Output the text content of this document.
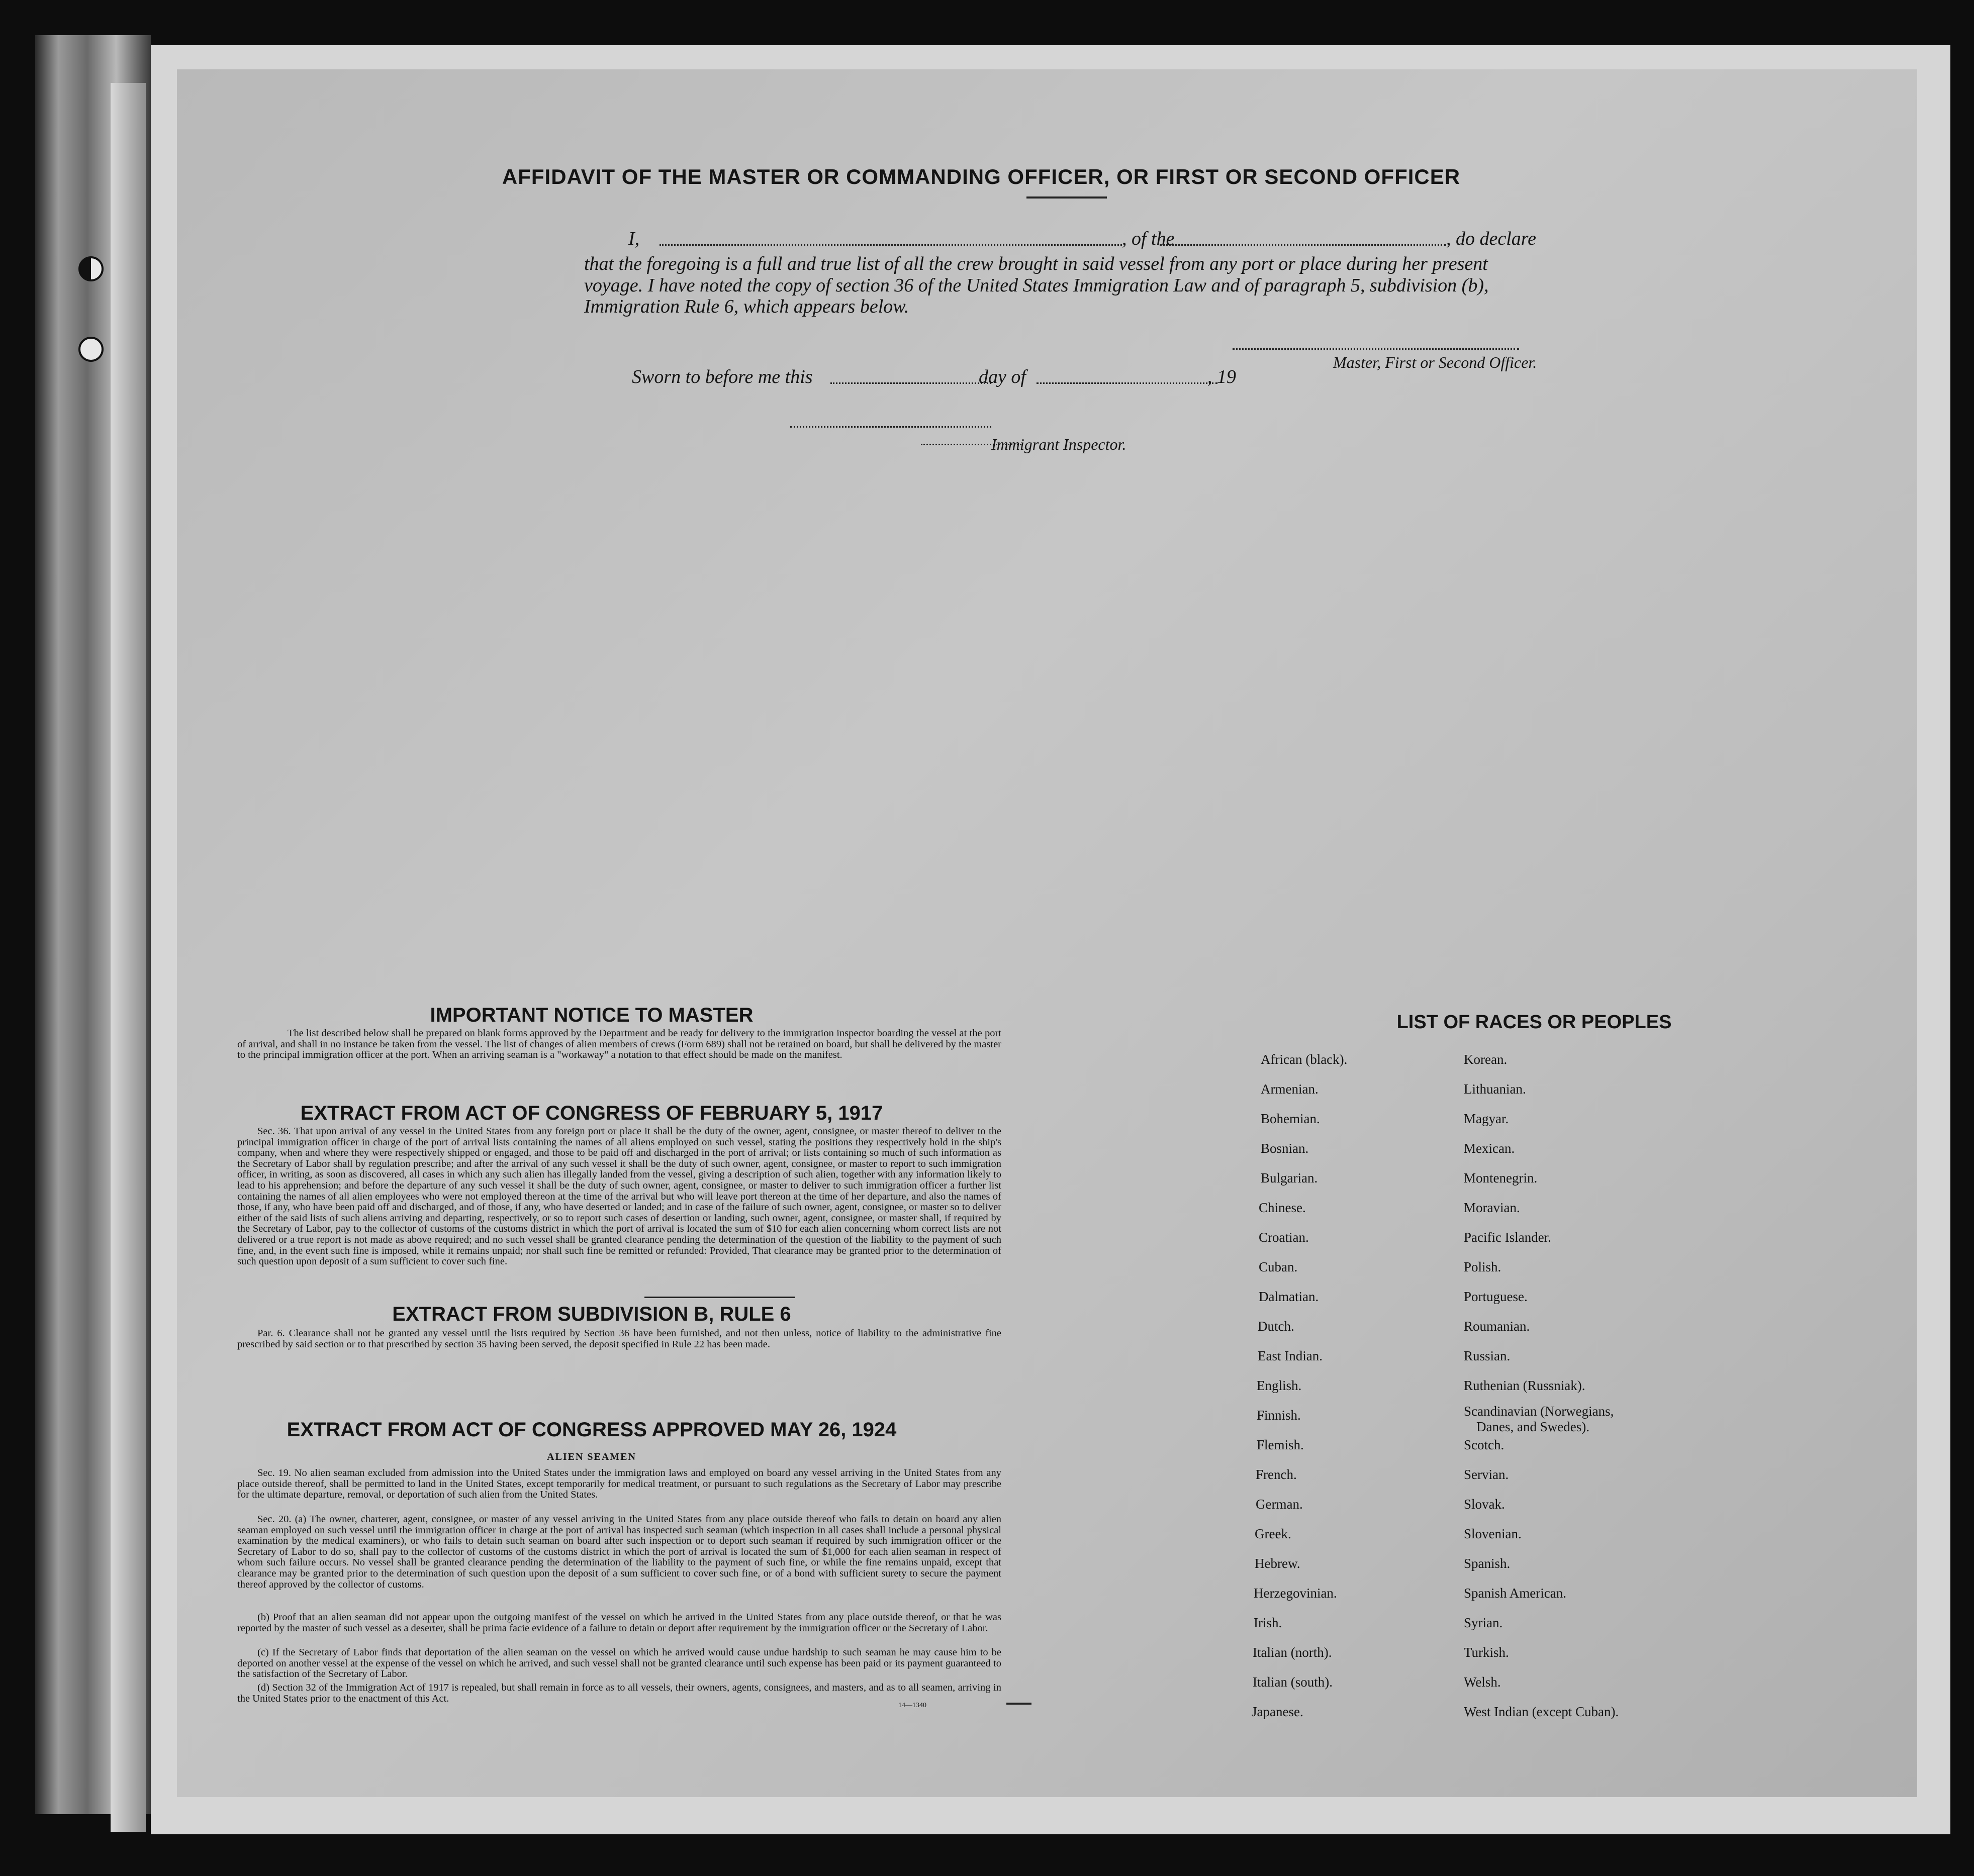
AFFIDAVIT OF THE MASTER OR COMMANDING OFFICER, OR FIRST OR SECOND OFFICER
I,	, of the	, do declare
that the foregoing is a full and true list of all the crew brought in said vessel from any port or place during her present
voyage. I have noted the copy of section 36 of the United States Immigration Law and of paragraph 5, subdivision (b),
Immigration Rule 6, which appears below.
Master, First or Second Officer.
Sworn to before me this	day of	, 19
Immigrant Inspector.
IMPORTANT NOTICE TO MASTER
The list described below shall be prepared on blank forms approved by the Department and be ready for delivery to the immigration inspector boarding the vessel at the port of arrival, and shall in no instance be taken from the vessel. The list of changes of alien members of crews (Form 689) shall not be retained on board, but shall be delivered by the master to the principal immigration officer at the port. When an arriving seaman is a "workaway" a notation to that effect should be made on the manifest.
EXTRACT FROM ACT OF CONGRESS OF FEBRUARY 5, 1917
Sec. 36. That upon arrival of any vessel in the United States from any foreign port or place it shall be the duty of the owner, agent, consignee, or master thereof to deliver to the principal immigration officer in charge of the port of arrival lists containing the names of all aliens employed on such vessel, stating the positions they respectively hold in the ship's company, when and where they were respectively shipped or engaged, and those to be paid off and discharged in the port of arrival; or lists containing so much of such information as the Secretary of Labor shall by regulation prescribe; and after the arrival of any such vessel it shall be the duty of such owner, agent, consignee, or master to report to such immigration officer, in writing, as soon as discovered, all cases in which any such alien has illegally landed from the vessel, giving a description of such alien, together with any information likely to lead to his apprehension; and before the departure of any such vessel it shall be the duty of such owner, agent, consignee, or master to deliver to such immigration officer a further list containing the names of all alien employees who were not employed thereon at the time of the arrival but who will leave port thereon at the time of her departure, and also the names of those, if any, who have been paid off and discharged, and of those, if any, who have deserted or landed; and in case of the failure of such owner, agent, consignee, or master so to deliver either of the said lists of such aliens arriving and departing, respectively, or so to report such cases of desertion or landing, such owner, agent, consignee, or master shall, if required by the Secretary of Labor, pay to the collector of customs of the customs district in which the port of arrival is located the sum of $10 for each alien concerning whom correct lists are not delivered or a true report is not made as above required; and no such vessel shall be granted clearance pending the determination of the question of the liability to the payment of such fine, and, in the event such fine is imposed, while it remains unpaid; nor shall such fine be remitted or refunded: Provided, That clearance may be granted prior to the determination of such question upon deposit of a sum sufficient to cover such fine.
EXTRACT FROM SUBDIVISION B, RULE 6
Par. 6. Clearance shall not be granted any vessel until the lists required by Section 36 have been furnished, and not then unless, notice of liability to the administrative fine prescribed by said section or to that prescribed by section 35 having been served, the deposit specified in Rule 22 has been made.
EXTRACT FROM ACT OF CONGRESS APPROVED MAY 26, 1924
ALIEN SEAMEN
Sec. 19. No alien seaman excluded from admission into the United States under the immigration laws and employed on board any vessel arriving in the United States from any place outside thereof, shall be permitted to land in the United States, except temporarily for medical treatment, or pursuant to such regulations as the Secretary of Labor may prescribe for the ultimate departure, removal, or deportation of such alien from the United States.
Sec. 20. (a) The owner, charterer, agent, consignee, or master of any vessel arriving in the United States from any place outside thereof who fails to detain on board any alien seaman employed on such vessel until the immigration officer in charge at the port of arrival has inspected such seaman (which inspection in all cases shall include a personal physical examination by the medical examiners), or who fails to detain such seaman on board after such inspection or to deport such seaman if required by such immigration officer or the Secretary of Labor to do so, shall pay to the collector of customs of the customs district in which the port of arrival is located the sum of $1,000 for each alien seaman in respect of whom such failure occurs. No vessel shall be granted clearance pending the determination of the liability to the payment of such fine, or while the fine remains unpaid, except that clearance may be granted prior to the determination of such question upon the deposit of a sum sufficient to cover such fine, or of a bond with sufficient surety to secure the payment thereof approved by the collector of customs.
(b) Proof that an alien seaman did not appear upon the outgoing manifest of the vessel on which he arrived in the United States from any place outside thereof, or that he was reported by the master of such vessel as a deserter, shall be prima facie evidence of a failure to detain or deport after requirement by the immigration officer or the Secretary of Labor.
(c) If the Secretary of Labor finds that deportation of the alien seaman on the vessel on which he arrived would cause undue hardship to such seaman he may cause him to be deported on another vessel at the expense of the vessel on which he arrived, and such vessel shall not be granted clearance until such expense has been paid or its payment guaranteed to the satisfaction of the Secretary of Labor.
(d) Section 32 of the Immigration Act of 1917 is repealed, but shall remain in force as to all vessels, their owners, agents, consignees, and masters, and as to all seamen, arriving in the United States prior to the enactment of this Act.
14—1340
LIST OF RACES OR PEOPLES
African (black).
Armenian.
Bohemian.
Bosnian.
Bulgarian.
Chinese.
Croatian.
Cuban.
Dalmatian.
Dutch.
East Indian.
English.
Finnish.
Flemish.
French.
German.
Greek.
Hebrew.
Herzegovinian.
Irish.
Italian (north).
Italian (south).
Japanese.
Korean.
Lithuanian.
Magyar.
Mexican.
Montenegrin.
Moravian.
Pacific Islander.
Polish.
Portuguese.
Roumanian.
Russian.
Ruthenian (Russniak).
Scandinavian (Norwegians,
Danes, and Swedes).
Scotch.
Servian.
Slovak.
Slovenian.
Spanish.
Spanish American.
Syrian.
Turkish.
Welsh.
West Indian (except Cuban).
